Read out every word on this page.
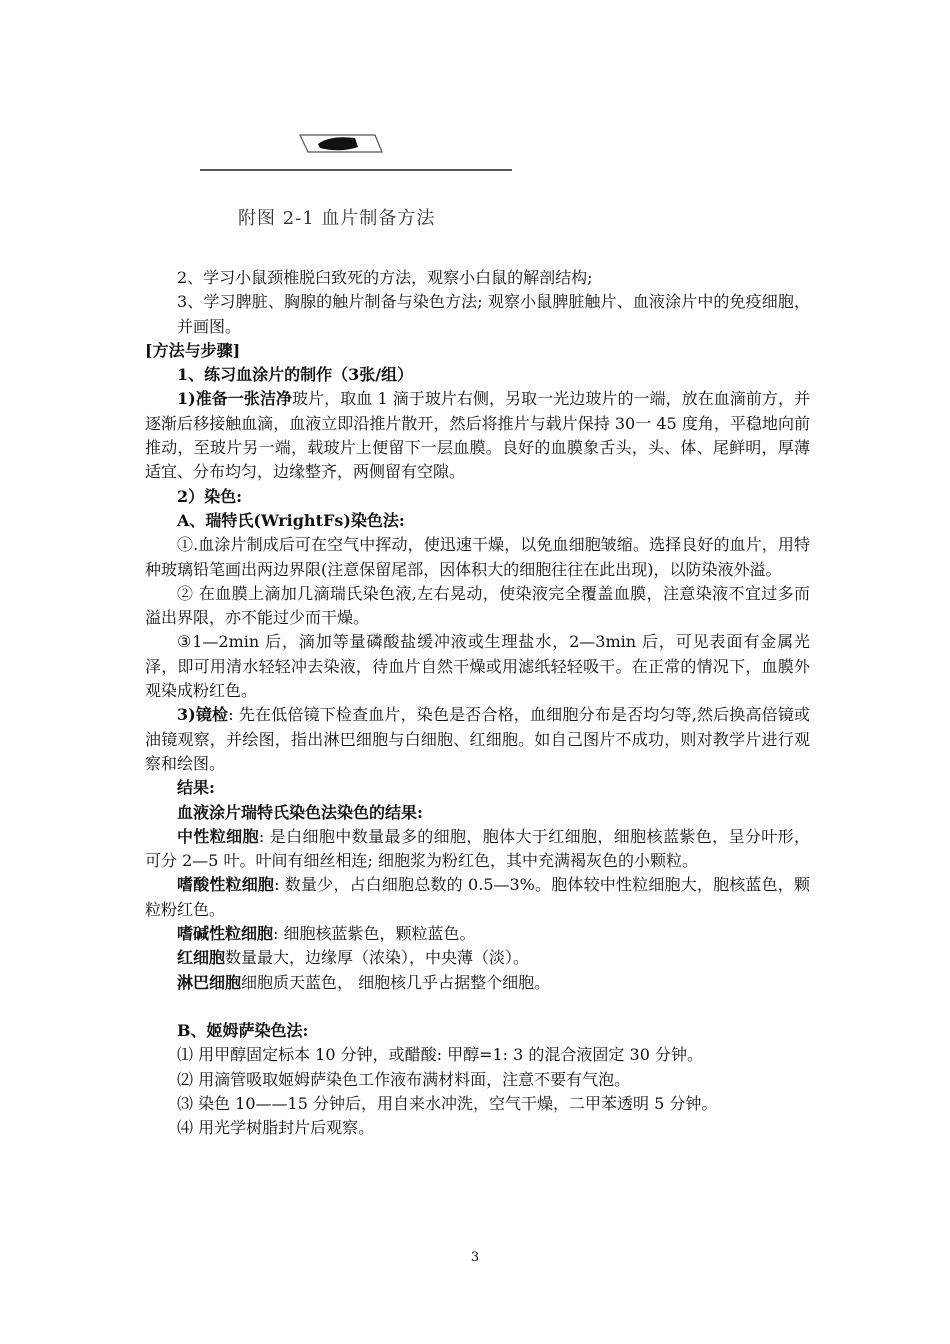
附图 2-1 血片制备方法

2、学习小鼠颈椎脱臼致死的方法，观察小白鼠的解剖结构;

3、学习脾脏、胸腺的触片制备与染色方法; 观察小鼠脾脏触片、血液涂片中的免疫细胞，并画图。

[方法与步骤]

1、练习血涂片的制作（3张/组）

1)准备一张洁净玻片，取血 1 滴于玻片右侧，另取一光边玻片的一端，放在血滴前方，并逐渐后移接触血滴，血液立即沿推片散开，然后将推片与载片保持 30一 45 度角，平稳地向前推动，至玻片另一端，载玻片上便留下一层血膜。良好的血膜象舌头，头、体、尾鲜明，厚薄适宜、分布均匀，边缘整齐，两侧留有空隙。

2）染色:

A、瑞特氏(WrightFs)染色法:

①.血涂片制成后可在空气中挥动，使迅速干燥，以免血细胞皱缩。选择良好的血片，用特种玻璃铅笔画出两边界限(注意保留尾部，因体积大的细胞往往在此出现)，以防染液外溢。

② 在血膜上滴加几滴瑞氏染色液,左右晃动，使染液完全覆盖血膜，注意染液不宜过多而溢出界限，亦不能过少而干燥。

③1—2min 后，滴加等量磷酸盐缓冲液或生理盐水，2—3min 后，可见表面有金属光泽，即可用清水轻轻冲去染液，待血片自然干燥或用滤纸轻轻吸干。在正常的情况下，血膜外观染成粉红色。

3)镜检: 先在低倍镜下检查血片，染色是否合格，血细胞分布是否均匀等,然后换高倍镜或油镜观察，并绘图，指出淋巴细胞与白细胞、红细胞。如自己图片不成功，则对教学片进行观察和绘图。

结果:

血液涂片瑞特氏染色法染色的结果:

中性粒细胞: 是白细胞中数量最多的细胞，胞体大于红细胞，细胞核蓝紫色，呈分叶形，可分 2—5 叶。叶间有细丝相连; 细胞浆为粉红色，其中充满褐灰色的小颗粒。

嗜酸性粒细胞: 数量少，占白细胞总数的 0.5—3%。胞体较中性粒细胞大，胞核蓝色，颗粒粉红色。

嗜碱性粒细胞: 细胞核蓝紫色，颗粒蓝色。

红细胞数量最大，边缘厚（浓染），中央薄（淡）。

淋巴细胞细胞质天蓝色， 细胞核几乎占据整个细胞。

B、姬姆萨染色法:

⑴ 用甲醇固定标本 10 分钟，或醋酸: 甲醇=1: 3 的混合液固定 30 分钟。

⑵ 用滴管吸取姬姆萨染色工作液布满材料面，注意不要有气泡。

⑶ 染色 10——15 分钟后，用自来水冲洗，空气干燥，二甲苯透明 5 分钟。

⑷ 用光学树脂封片后观察。

3
